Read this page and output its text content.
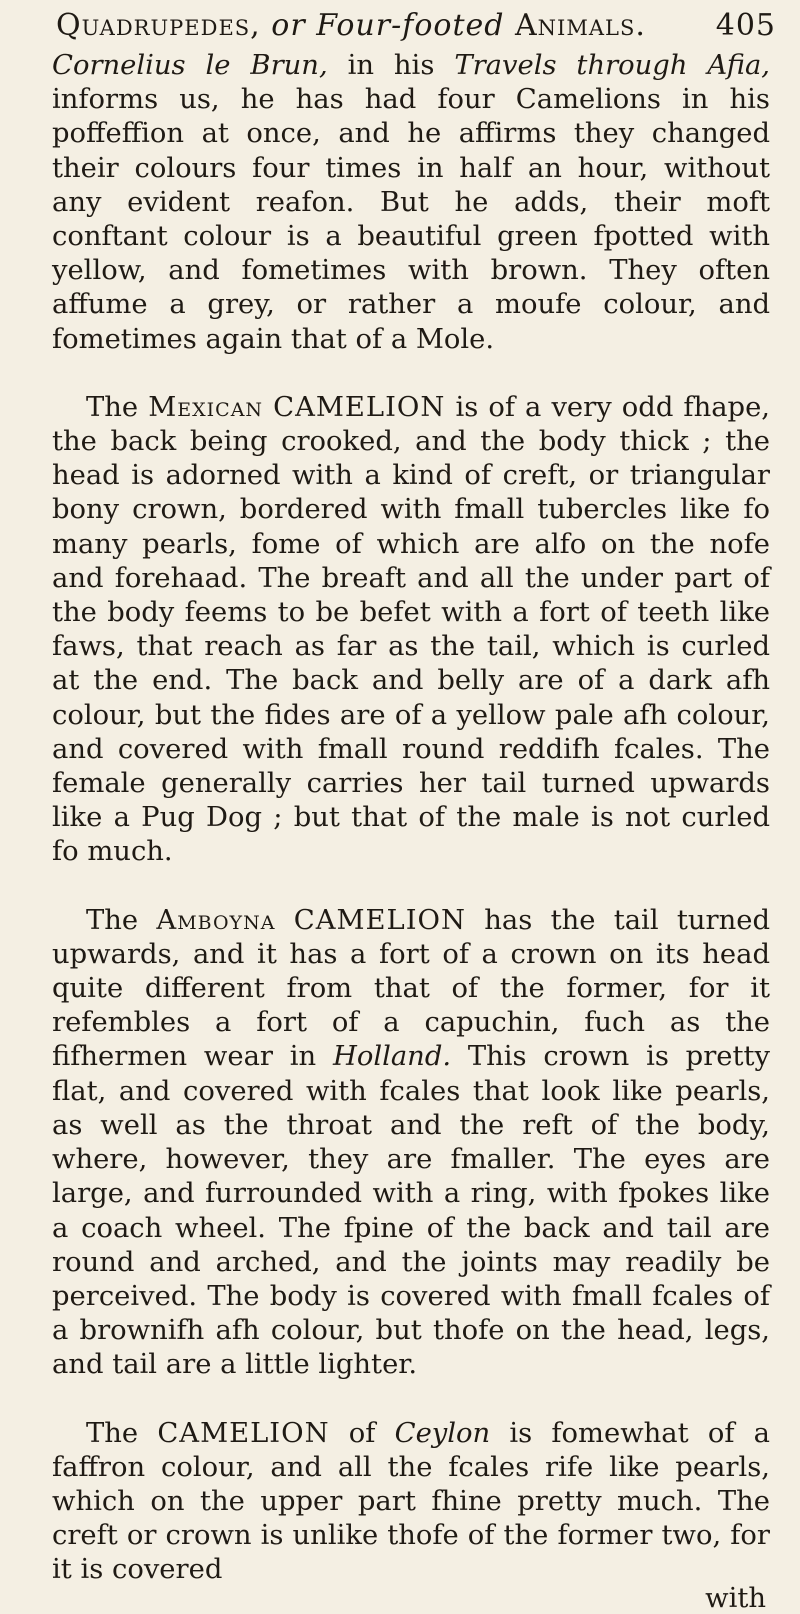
Quadrupedes, or Four-footed Animals. 405

Cornelius le Brun, in his Travels through Afia, informs us, he has had four Camelions in his poffeffion at once, and he affirms they changed their colours four times in half an hour, without any evident reafon. But he adds, their moft conftant colour is a beautiful green fpotted with yellow, and fometimes with brown. They often affume a grey, or rather a moufe colour, and fometimes again that of a Mole.

The Mexican CAMELION is of a very odd fhape, the back being crooked, and the body thick ; the head is adorned with a kind of creft, or triangular bony crown, bordered with fmall tubercles like fo many pearls, fome of which are alfo on the nofe and forehaad. The breaft and all the under part of the body feems to be befet with a fort of teeth like faws, that reach as far as the tail, which is curled at the end. The back and belly are of a dark afh colour, but the fides are of a yellow pale afh colour, and covered with fmall round reddifh fcales. The female generally carries her tail turned upwards like a Pug Dog ; but that of the male is not curled fo much.

The Amboyna CAMELION has the tail turned upwards, and it has a fort of a crown on its head quite different from that of the former, for it refembles a fort of a capuchin, fuch as the fifhermen wear in Holland. This crown is pretty flat, and covered with fcales that look like pearls, as well as the throat and the reft of the body, where, however, they are fmaller. The eyes are large, and furrounded with a ring, with fpokes like a coach wheel. The fpine of the back and tail are round and arched, and the joints may readily be perceived. The body is covered with fmall fcales of a brownifh afh colour, but thofe on the head, legs, and tail are a little lighter.

The CAMELION of Ceylon is fomewhat of a faffron colour, and all the fcales rife like pearls, which on the upper part fhine pretty much. The creft or crown is unlike thofe of the former two, for it is covered

with
